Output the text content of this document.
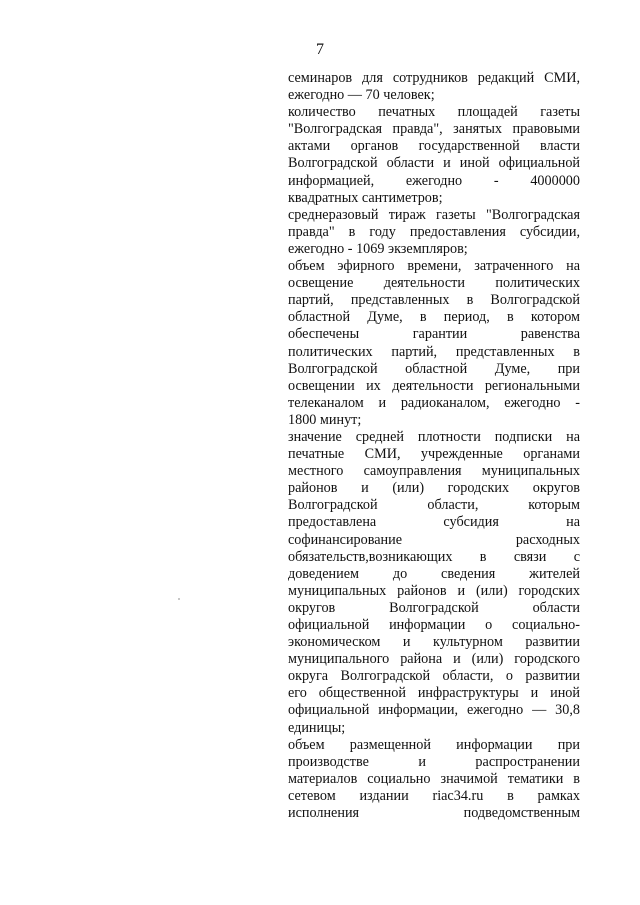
7
семинаров для сотрудников редакций СМИ,
ежегодно — 70 человек;
количество печатных площадей газеты
"Волгоградская правда", занятых правовыми
актами органов государственной власти
Волгоградской области и иной официальной
информацией, ежегодно - 4000000
квадратных сантиметров;
среднеразовый тираж газеты "Волгоградская
правда" в году предоставления субсидии,
ежегодно - 1069 экземпляров;
объем эфирного времени, затраченного на
освещение деятельности политических
партий, представленных в Волгоградской
областной Думе, в период, в котором
обеспечены гарантии равенства
политических партий, представленных в
Волгоградской областной Думе, при
освещении их деятельности региональными
телеканалом и радиоканалом, ежегодно -
1800 минут;
значение средней плотности подписки на
печатные СМИ, учрежденные органами
местного самоуправления муниципальных
районов и (или) городских округов
Волгоградской области, которым
предоставлена субсидия на
софинансирование расходных
обязательств,возникающих в связи с
доведением до сведения жителей
муниципальных районов и (или) городских
округов Волгоградской области
официальной информации о социально-
экономическом и культурном развитии
муниципального района и (или) городского
округа Волгоградской области, о развитии
его общественной инфраструктуры и иной
официальной информации, ежегодно — 30,8
единицы;
объем размещенной информации при
производстве и распространении
материалов социально значимой тематики в
сетевом издании riac34.ru в рамках
исполнения подведомственным
